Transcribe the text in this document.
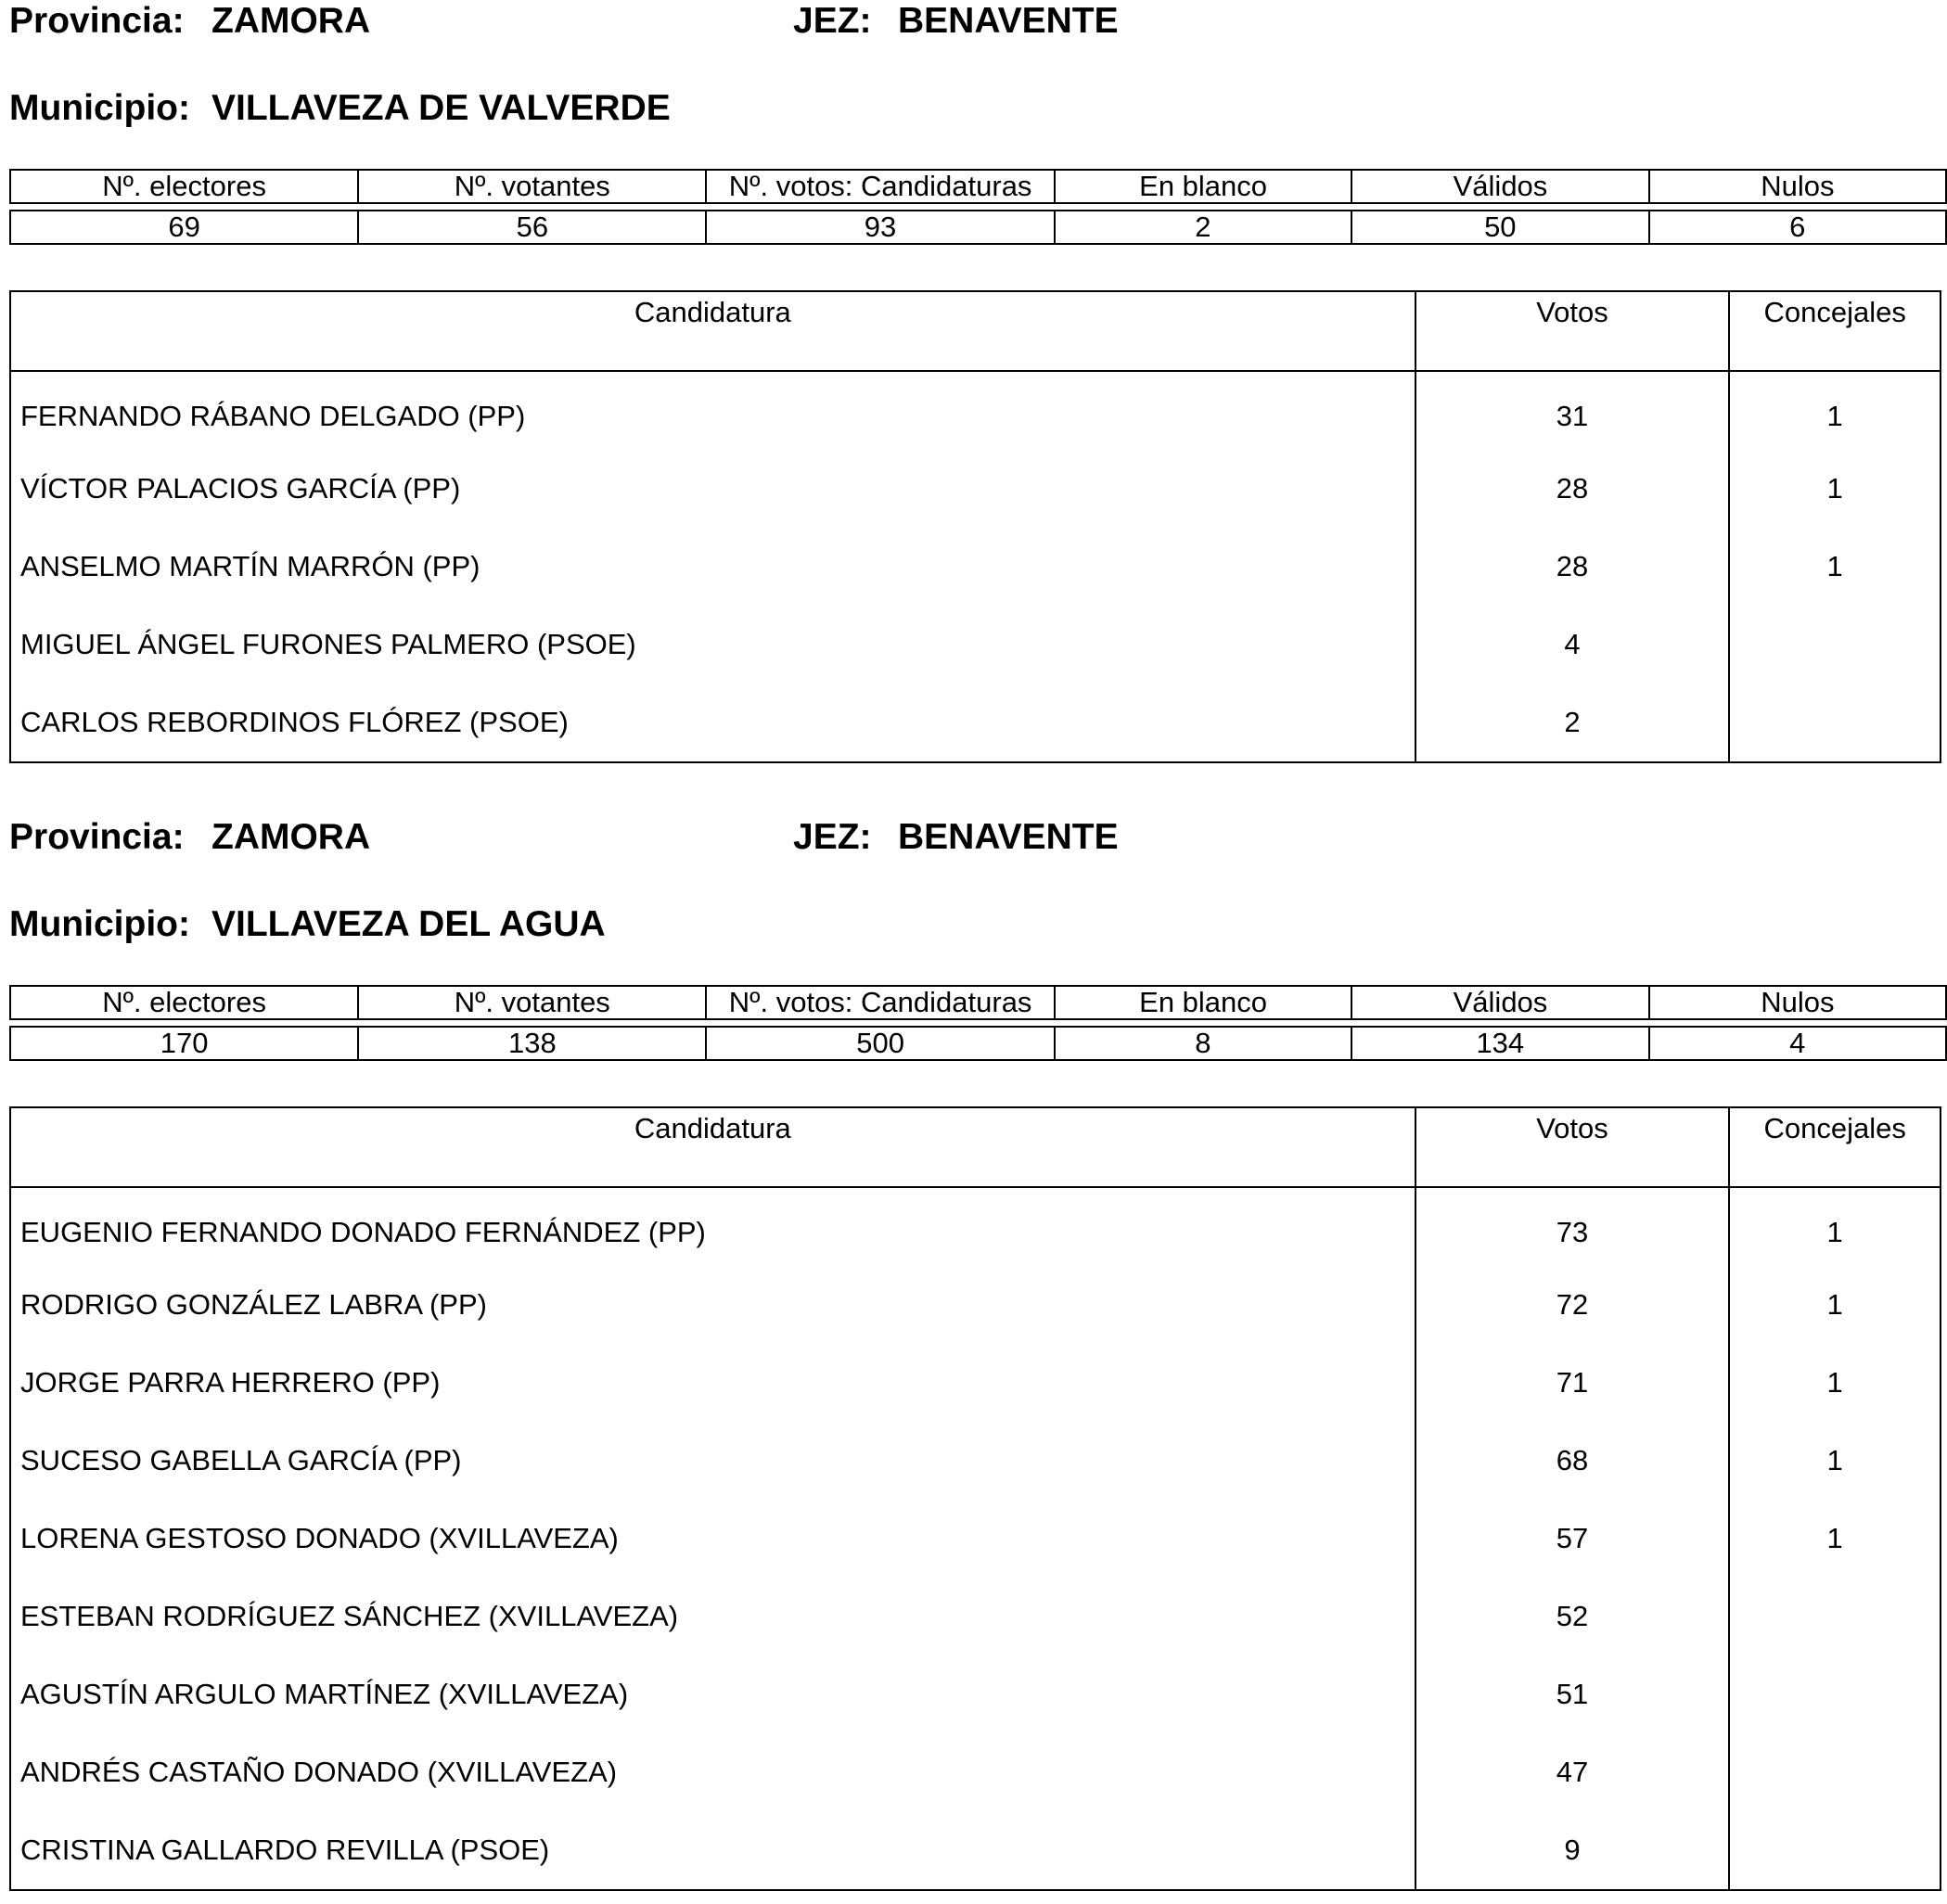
Provincia: ZAMORA	JEZ: BENAVENTE
Municipio: VILLAVEZA DE VALVERDE
Nº. electores	Nº. votantes	Nº. votos: Candidaturas	En blanco	Válidos	Nulos
69	56	93	2	50	6
Candidatura	Votos	Concejales
FERNANDO RÁBANO DELGADO (PP)	31	1
VÍCTOR PALACIOS GARCÍA (PP)	28	1
ANSELMO MARTÍN MARRÓN (PP)	28	1
MIGUEL ÁNGEL FURONES PALMERO (PSOE)	4	
CARLOS REBORDINOS FLÓREZ (PSOE)	2	
Provincia: ZAMORA	JEZ: BENAVENTE
Municipio: VILLAVEZA DEL AGUA
Nº. electores	Nº. votantes	Nº. votos: Candidaturas	En blanco	Válidos	Nulos
170	138	500	8	134	4
Candidatura	Votos	Concejales
EUGENIO FERNANDO DONADO FERNÁNDEZ (PP)	73	1
RODRIGO GONZÁLEZ LABRA (PP)	72	1
JORGE PARRA HERRERO (PP)	71	1
SUCESO GABELLA GARCÍA (PP)	68	1
LORENA GESTOSO DONADO (XVILLAVEZA)	57	1
ESTEBAN RODRÍGUEZ SÁNCHEZ (XVILLAVEZA)	52	
AGUSTÍN ARGULO MARTÍNEZ (XVILLAVEZA)	51	
ANDRÉS CASTAÑO DONADO (XVILLAVEZA)	47	
CRISTINA GALLARDO REVILLA (PSOE)	9	
